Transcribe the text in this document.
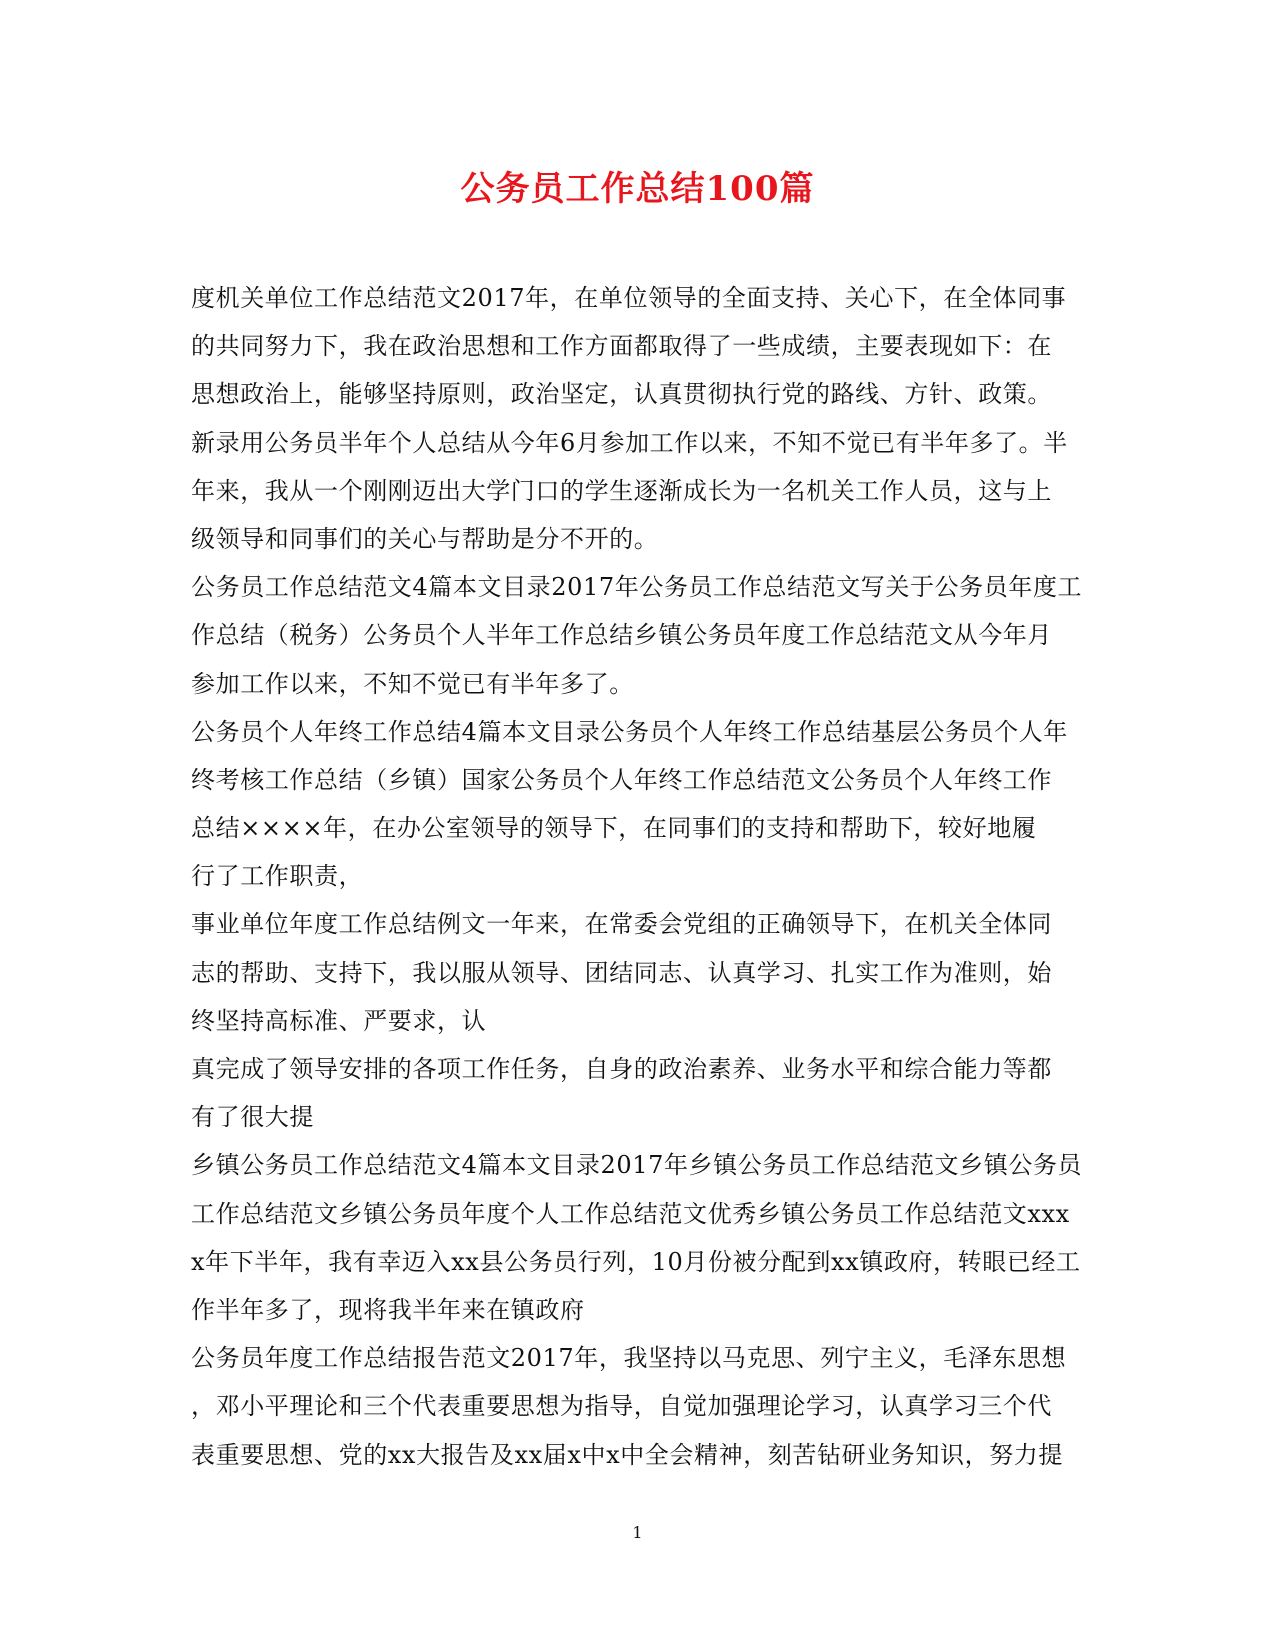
公务员工作总结100篇
度机关单位工作总结范文2017年，在单位领导的全面支持、关心下，在全体同事
的共同努力下，我在政治思想和工作方面都取得了一些成绩，主要表现如下：在
思想政治上，能够坚持原则，政治坚定，认真贯彻执行党的路线、方针、政策。
新录用公务员半年个人总结从今年6月参加工作以来，不知不觉已有半年多了。半
年来，我从一个刚刚迈出大学门口的学生逐渐成长为一名机关工作人员，这与上
级领导和同事们的关心与帮助是分不开的。
公务员工作总结范文4篇本文目录2017年公务员工作总结范文写关于公务员年度工
作总结（税务）公务员个人半年工作总结乡镇公务员年度工作总结范文从今年月
参加工作以来，不知不觉已有半年多了。
公务员个人年终工作总结4篇本文目录公务员个人年终工作总结基层公务员个人年
终考核工作总结（乡镇）国家公务员个人年终工作总结范文公务员个人年终工作
总结××××年，在办公室领导的领导下，在同事们的支持和帮助下，较好地履
行了工作职责，
事业单位年度工作总结例文一年来，在常委会党组的正确领导下，在机关全体同
志的帮助、支持下，我以服从领导、团结同志、认真学习、扎实工作为准则，始
终坚持高标准、严要求，认
真完成了领导安排的各项工作任务，自身的政治素养、业务水平和综合能力等都
有了很大提
乡镇公务员工作总结范文4篇本文目录2017年乡镇公务员工作总结范文乡镇公务员
工作总结范文乡镇公务员年度个人工作总结范文优秀乡镇公务员工作总结范文xxx
x年下半年，我有幸迈入xx县公务员行列，10月份被分配到xx镇政府，转眼已经工
作半年多了，现将我半年来在镇政府
公务员年度工作总结报告范文2017年，我坚持以马克思、列宁主义，毛泽东思想
，邓小平理论和三个代表重要思想为指导，自觉加强理论学习，认真学习三个代
表重要思想、党的xx大报告及xx届x中x中全会精神，刻苦钻研业务知识，努力提
1
